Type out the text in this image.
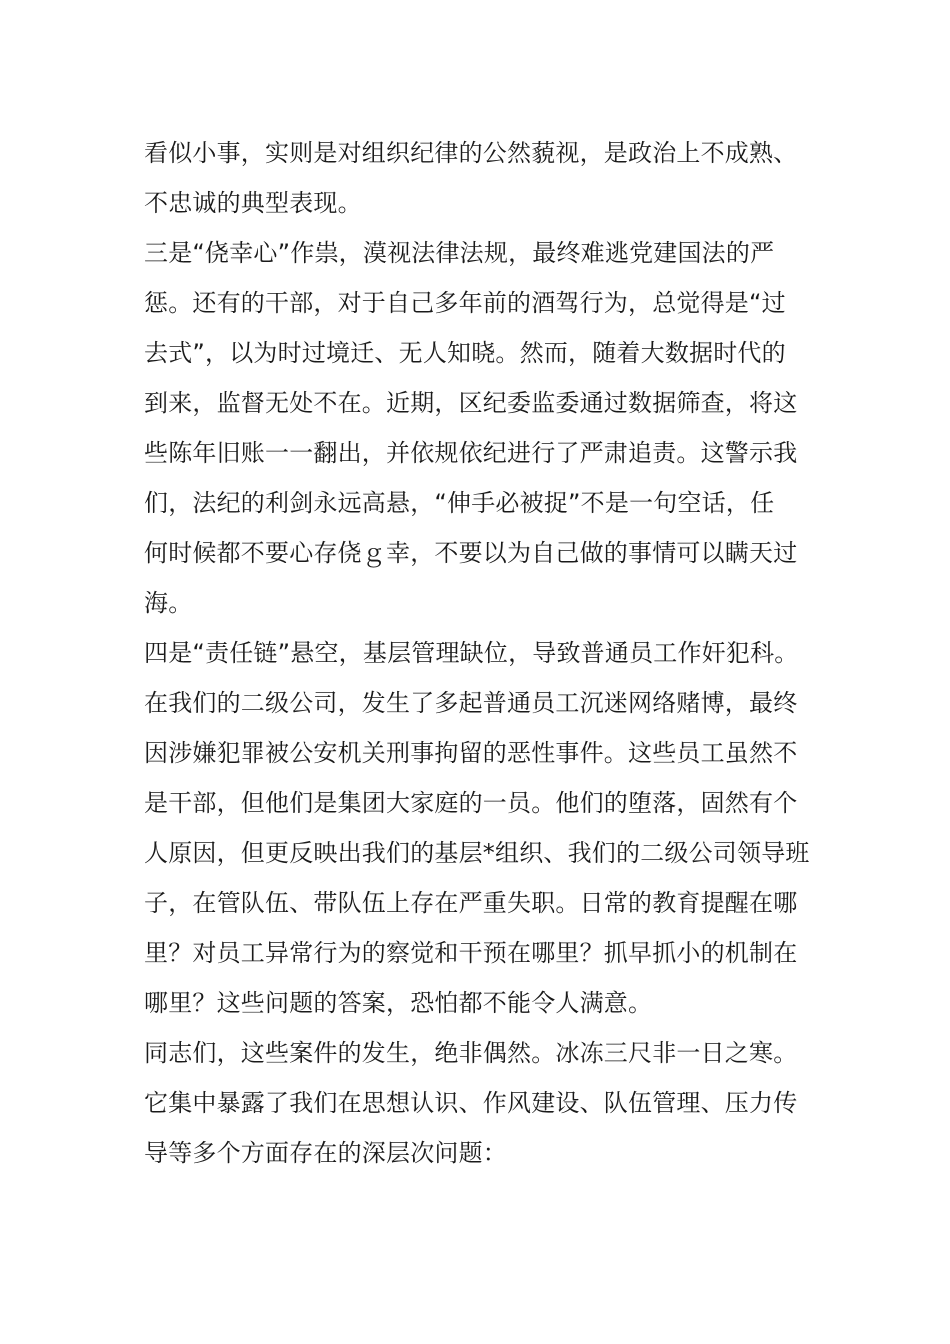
看似小事，实则是对组织纪律的公然藐视，是政治上不成熟、
不忠诚的典型表现。

三是“侥幸心”作祟，漠视法律法规，最终难逃党建国法的严
惩。还有的干部，对于自己多年前的酒驾行为，总觉得是“过
去式”，以为时过境迁、无人知晓。然而，随着大数据时代的
到来，监督无处不在。近期，区纪委监委通过数据筛查，将这
些陈年旧账一一翻出，并依规依纪进行了严肃追责。这警示我
们，法纪的利剑永远高悬，“伸手必被捉”不是一句空话，任
何时候都不要心存侥ｇ幸，不要以为自己做的事情可以瞒天过
海。

四是“责任链”悬空，基层管理缺位，导致普通员工作奸犯科。
在我们的二级公司，发生了多起普通员工沉迷网络赌博，最终
因涉嫌犯罪被公安机关刑事拘留的恶性事件。这些员工虽然不
是干部，但他们是集团大家庭的一员。他们的堕落，固然有个
人原因，但更反映出我们的基层*组织、我们的二级公司领导班
子，在管队伍、带队伍上存在严重失职。日常的教育提醒在哪
里？对员工异常行为的察觉和干预在哪里？抓早抓小的机制在
哪里？这些问题的答案，恐怕都不能令人满意。

同志们，这些案件的发生，绝非偶然。冰冻三尺非一日之寒。
它集中暴露了我们在思想认识、作风建设、队伍管理、压力传
导等多个方面存在的深层次问题：
